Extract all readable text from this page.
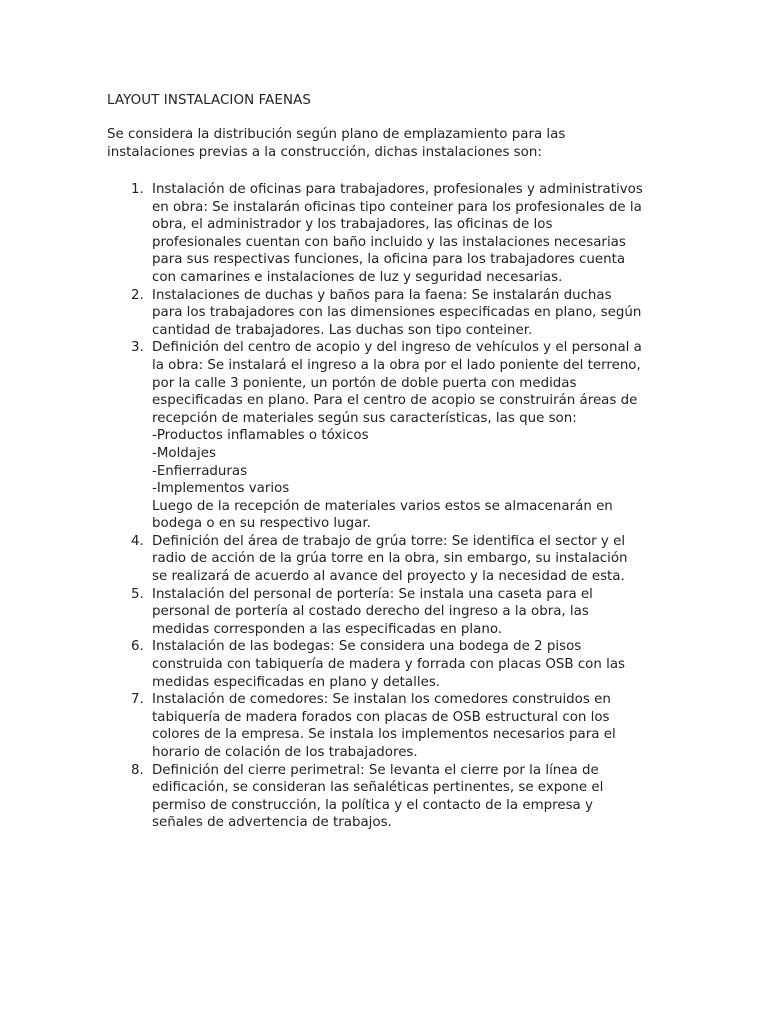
LAYOUT INSTALACION FAENAS

Se considera la distribución según plano de emplazamiento para las
instalaciones previas a la construcción, dichas instalaciones son:

1. Instalación de oficinas para trabajadores, profesionales y administrativos
en obra: Se instalarán oficinas tipo conteiner para los profesionales de la
obra, el administrador y los trabajadores, las oficinas de los
profesionales cuentan con baño incluido y las instalaciones necesarias
para sus respectivas funciones, la oficina para los trabajadores cuenta
con camarines e instalaciones de luz y seguridad necesarias.
2. Instalaciones de duchas y baños para la faena: Se instalarán duchas
para los trabajadores con las dimensiones especificadas en plano, según
cantidad de trabajadores. Las duchas son tipo conteiner.
3. Definición del centro de acopio y del ingreso de vehículos y el personal a
la obra: Se instalará el ingreso a la obra por el lado poniente del terreno,
por la calle 3 poniente, un portón de doble puerta con medidas
especificadas en plano. Para el centro de acopio se construirán áreas de
recepción de materiales según sus características, las que son:
-Productos inflamables o tóxicos
-Moldajes
-Enfierraduras
-Implementos varios
Luego de la recepción de materiales varios estos se almacenarán en
bodega o en su respectivo lugar.
4. Definición del área de trabajo de grúa torre: Se identifica el sector y el
radio de acción de la grúa torre en la obra, sin embargo, su instalación
se realizará de acuerdo al avance del proyecto y la necesidad de esta.
5. Instalación del personal de portería: Se instala una caseta para el
personal de portería al costado derecho del ingreso a la obra, las
medidas corresponden a las especificadas en plano.
6. Instalación de las bodegas: Se considera una bodega de 2 pisos
construida con tabiquería de madera y forrada con placas OSB con las
medidas especificadas en plano y detalles.
7. Instalación de comedores: Se instalan los comedores construidos en
tabiquería de madera forados con placas de OSB estructural con los
colores de la empresa. Se instala los implementos necesarios para el
horario de colación de los trabajadores.
8. Definición del cierre perimetral: Se levanta el cierre por la línea de
edificación, se consideran las señaléticas pertinentes, se expone el
permiso de construcción, la política y el contacto de la empresa y
señales de advertencia de trabajos.
